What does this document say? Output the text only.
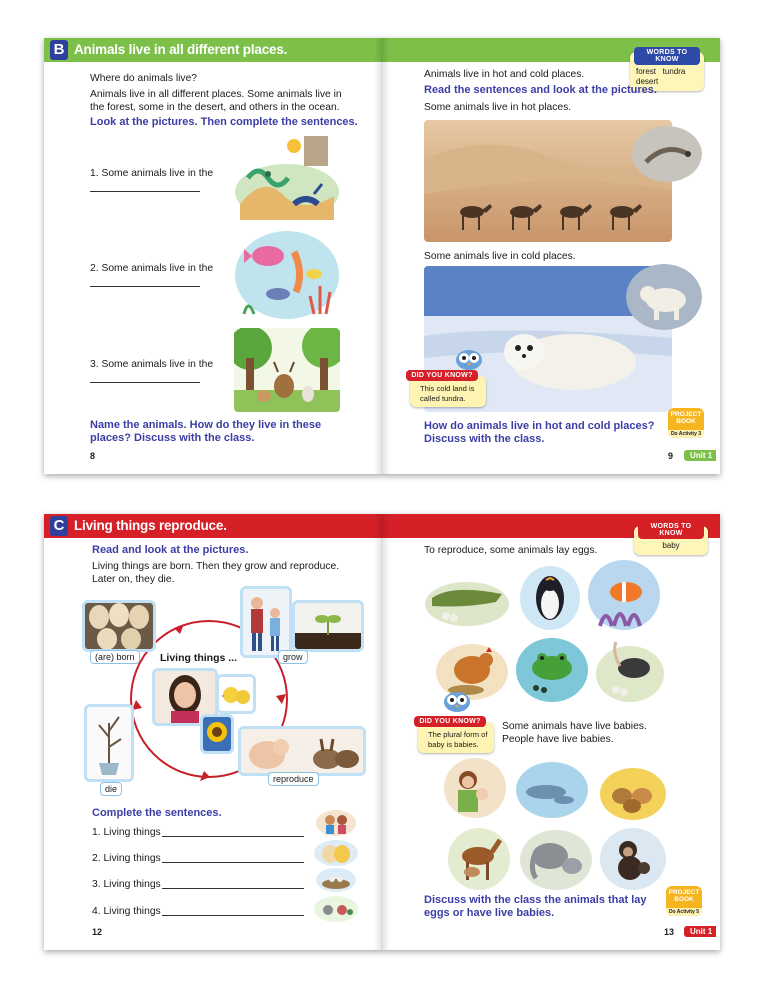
B Animals live in all different places.
Where do animals live?
Animals live in all different places. Some animals live in the forest, some in the desert, and others in the ocean.
Look at the pictures. Then complete the sentences.
1. Some animals live in the
2. Some animals live in the
3. Some animals live in the
Name the animals. How do they live in these places? Discuss with the class.
8
WORDS TO KNOW
forest   tundra
desert
Animals live in hot and cold places.
Read the sentences and look at the pictures.
Some animals live in hot places.
Some animals live in cold places.
DID YOU KNOW?
This cold land is called tundra.
How do animals live in hot and cold places? Discuss with the class.
PROJECT BOOK
Do Activity 3
9	Unit 1
C Living things reproduce.
Read and look at the pictures.
Living things are born. Then they grow and reproduce. Later on, they die.
(are) born	Living things ...	grow
reproduce
die
Complete the sentences.
1. Living things
2. Living things
3. Living things
4. Living things
12
WORDS TO KNOW
baby
To reproduce, some animals lay eggs.
DID YOU KNOW?
The plural form of baby is babies.
Some animals have live babies. People have live babies.
Discuss with the class the animals that lay eggs or have live babies.
PROJECT BOOK
Do Activity 5
13	Unit 1
